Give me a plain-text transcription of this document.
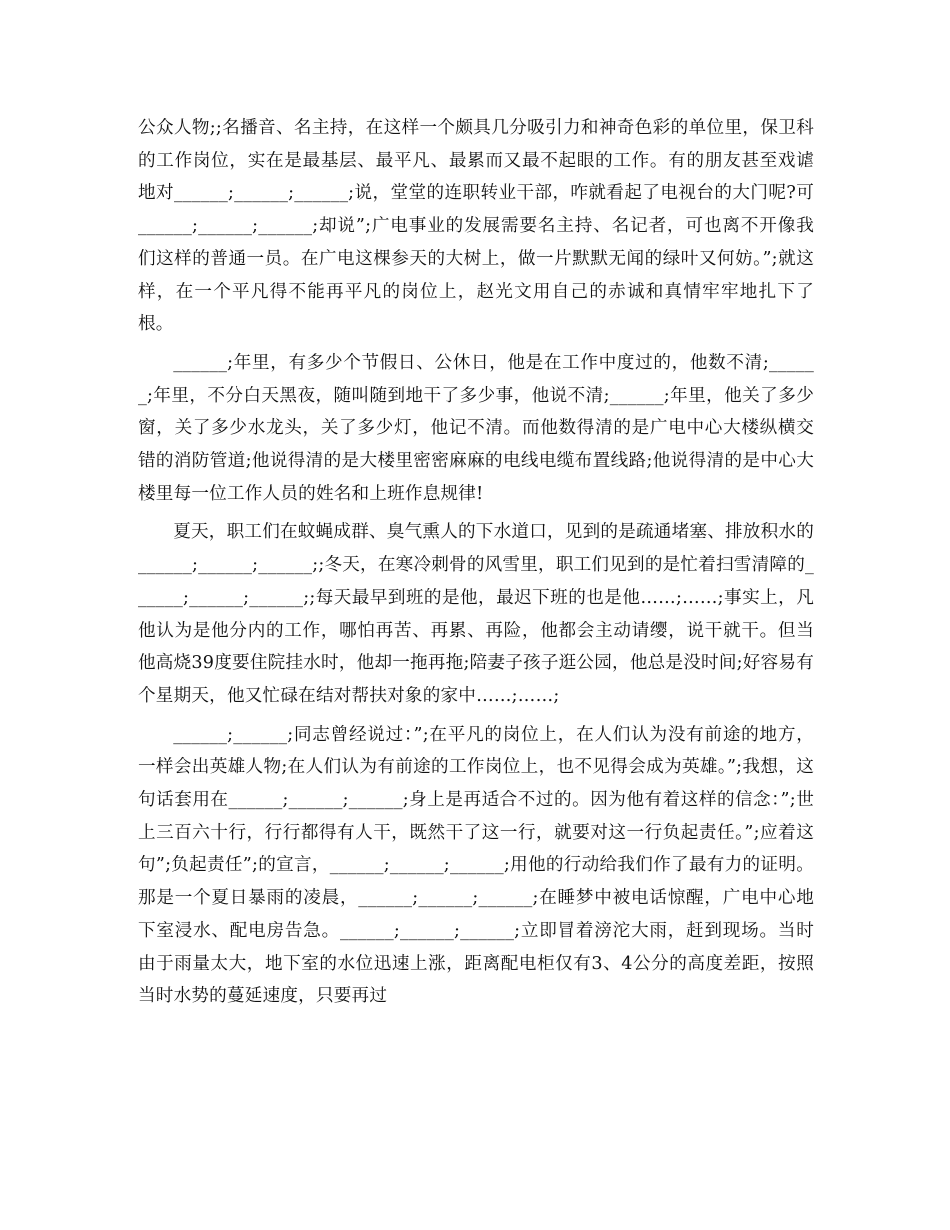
公众人物;;名播音、名主持，在这样一个颇具几分吸引力和神奇色彩的单位里，保卫科的工作岗位，实在是最基层、最平凡、最累而又最不起眼的工作。有的朋友甚至戏谑地对______;______;______;说，堂堂的连职转业干部，咋就看起了电视台的大门呢?可______;______;______;却说”;广电事业的发展需要名主持、名记者，可也离不开像我们这样的普通一员。在广电这棵参天的大树上，做一片默默无闻的绿叶又何妨。”;就这样，在一个平凡得不能再平凡的岗位上，赵光文用自己的赤诚和真情牢牢地扎下了根。

______;年里，有多少个节假日、公休日，他是在工作中度过的，他数不清;______;年里，不分白天黑夜，随叫随到地干了多少事，他说不清;______;年里，他关了多少窗，关了多少水龙头，关了多少灯，他记不清。而他数得清的是广电中心大楼纵横交错的消防管道;他说得清的是大楼里密密麻麻的电线电缆布置线路;他说得清的是中心大楼里每一位工作人员的姓名和上班作息规律!

夏天，职工们在蚊蝇成群、臭气熏人的下水道口，见到的是疏通堵塞、排放积水的______;______;______;;冬天，在寒冷刺骨的风雪里，职工们见到的是忙着扫雪清障的______;______;______;;每天最早到班的是他，最迟下班的也是他……;……;事实上，凡他认为是他分内的工作，哪怕再苦、再累、再险，他都会主动请缨，说干就干。但当他高烧39度要住院挂水时，他却一拖再拖;陪妻子孩子逛公园，他总是没时间;好容易有个星期天，他又忙碌在结对帮扶对象的家中……;……;

______;______;同志曾经说过：”;在平凡的岗位上，在人们认为没有前途的地方，一样会出英雄人物;在人们认为有前途的工作岗位上，也不见得会成为英雄。”;我想，这句话套用在______;______;______;身上是再适合不过的。因为他有着这样的信念：”;世上三百六十行，行行都得有人干，既然干了这一行，就要对这一行负起责任。”;应着这句”;负起责任”;的宣言，______;______;______;用他的行动给我们作了最有力的证明。那是一个夏日暴雨的凌晨，______;______;______;在睡梦中被电话惊醒，广电中心地下室浸水、配电房告急。______;______;______;立即冒着滂沱大雨，赶到现场。当时由于雨量太大，地下室的水位迅速上涨，距离配电柜仅有3、4公分的高度差距，按照当时水势的蔓延速度，只要再过
